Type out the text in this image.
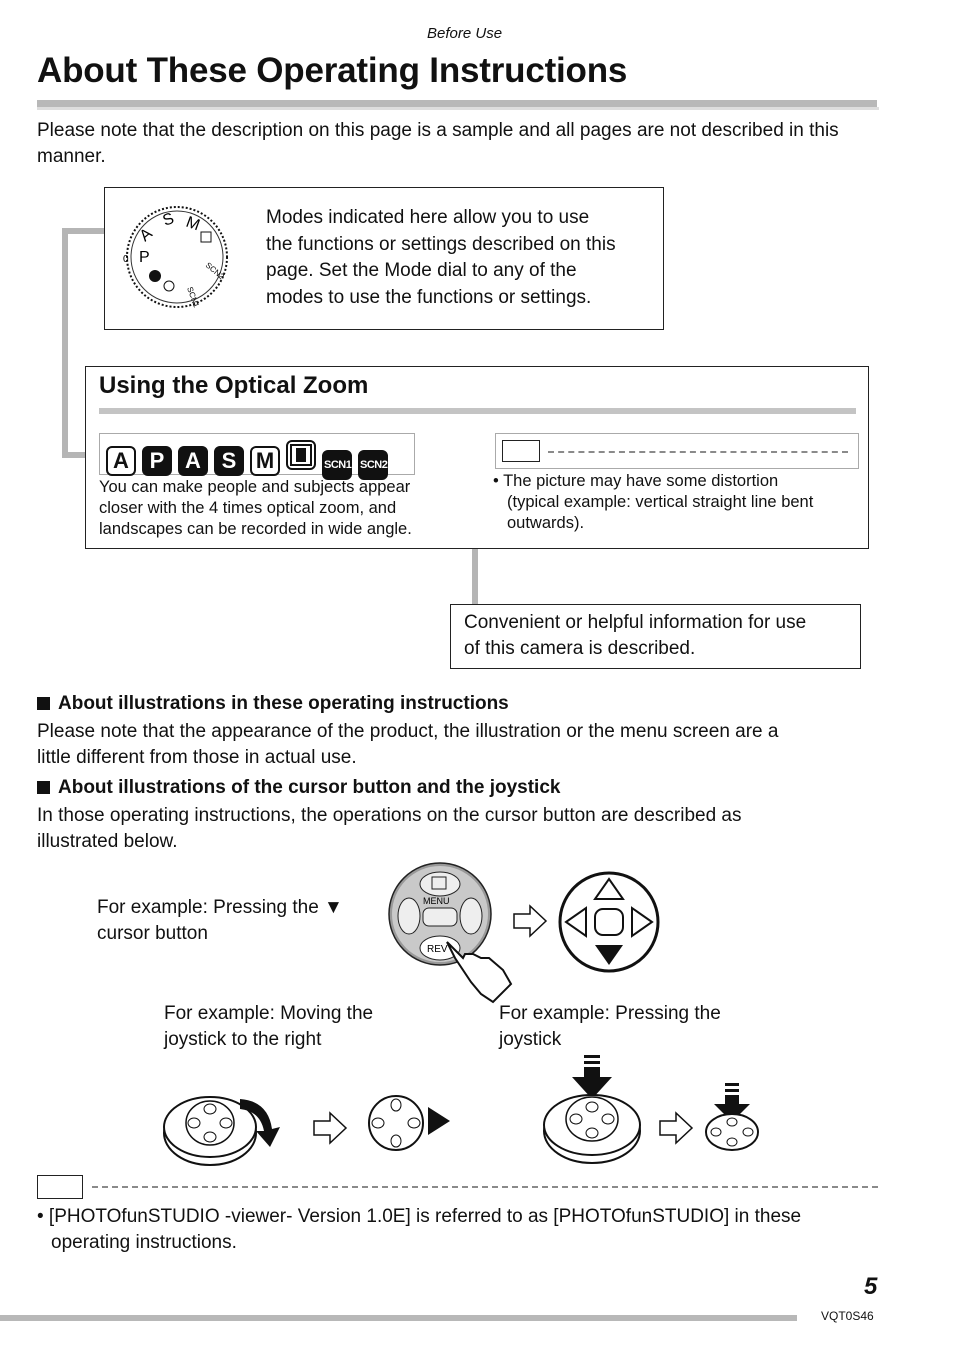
Before Use
About These Operating Instructions
Please note that the description on this page is a sample and all pages are not described in this manner.
0
S M
A
P
SCN1
SCN2
Modes indicated here allow you to use
the functions or settings described on this
page. Set the Mode dial to any of the
modes to use the functions or settings.
Using the Optical Zoom
A P A S M	SCN1 SCN2
You can make people and subjects appear
closer with the 4 times optical zoom, and
landscapes can be recorded in wide angle.
• The picture may have some distortion
(typical example: vertical straight line bent
outwards).
Convenient or helpful information for use
of this camera is described.
About illustrations in these operating instructions
Please note that the appearance of the product, the illustration or the menu screen are a
little different from those in actual use.
About illustrations of the cursor button and the joystick
In those operating instructions, the operations on the cursor button are described as
illustrated below.
For example: Pressing the ▼
cursor button
MENU
REV
For example: Moving the
joystick to the right
For example: Pressing the
joystick
• [PHOTOfunSTUDIO -viewer- Version 1.0E] is referred to as [PHOTOfunSTUDIO] in these
operating instructions.
5
VQT0S46
